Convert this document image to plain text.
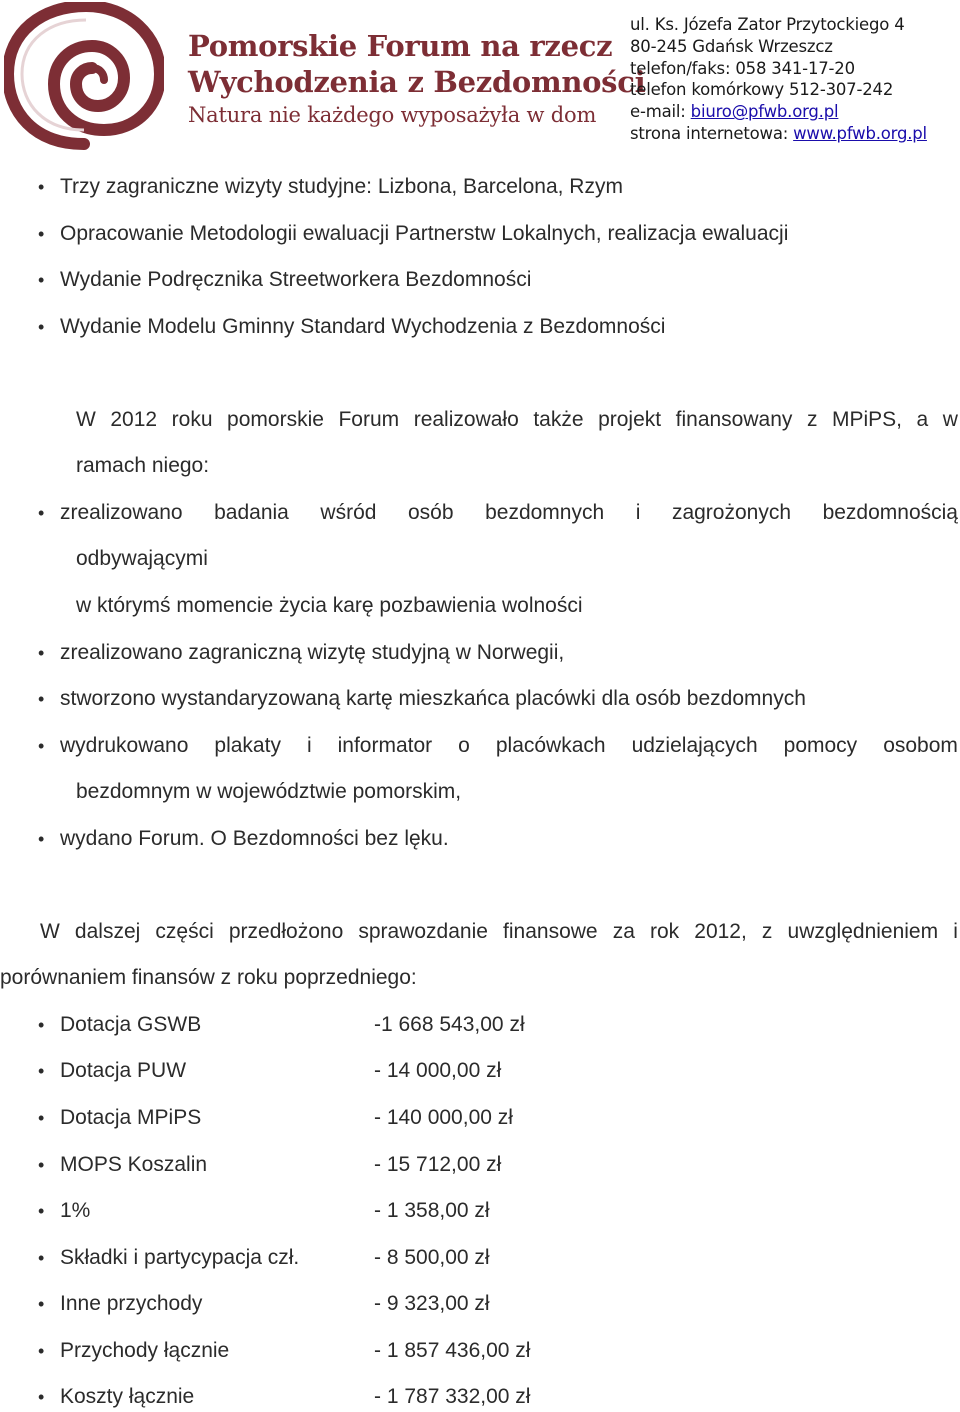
Pomorskie Forum na rzecz
Wychodzenia z Bezdomności
Natura nie każdego wyposażyła w dom
ul. Ks. Józefa Zator Przytockiego 4
80-245 Gdańsk Wrzeszcz
telefon/faks: 058 341-17-20
telefon komórkowy 512-307-242
e-mail: biuro@pfwb.org.pl
strona internetowa: www.pfwb.org.pl
• Trzy zagraniczne wizyty studyjne: Lizbona, Barcelona, Rzym
• Opracowanie Metodologii ewaluacji Partnerstw Lokalnych, realizacja ewaluacji
• Wydanie Podręcznika Streetworkera Bezdomności
• Wydanie Modelu Gminny Standard Wychodzenia z Bezdomności
W 2012 roku pomorskie Forum realizowało także projekt finansowany z MPiPS, a w
ramach niego:
• zrealizowano badania wśród osób bezdomnych i zagrożonych bezdomnością
odbywającymi
w którymś momencie życia karę pozbawienia wolności
• zrealizowano zagraniczną wizytę studyjną w Norwegii,
• stworzono wystandaryzowaną kartę mieszkańca placówki dla osób bezdomnych
• wydrukowano plakaty i informator o placówkach udzielających pomocy osobom
bezdomnym w województwie pomorskim,
• wydano Forum. O Bezdomności bez lęku.
W dalszej części przedłożono sprawozdanie finansowe za rok 2012, z uwzględnieniem i
porównaniem finansów z roku poprzedniego:
• Dotacja GSWB	-1 668 543,00 zł
• Dotacja PUW	- 14 000,00 zł
• Dotacja MPiPS	- 140 000,00 zł
• MOPS Koszalin	- 15 712,00 zł
• 1%	- 1 358,00 zł
• Składki i partycypacja czł.	- 8 500,00 zł
• Inne przychody	- 9 323,00 zł
• Przychody łącznie	- 1 857 436,00 zł
• Koszty łącznie	- 1 787 332,00 zł
